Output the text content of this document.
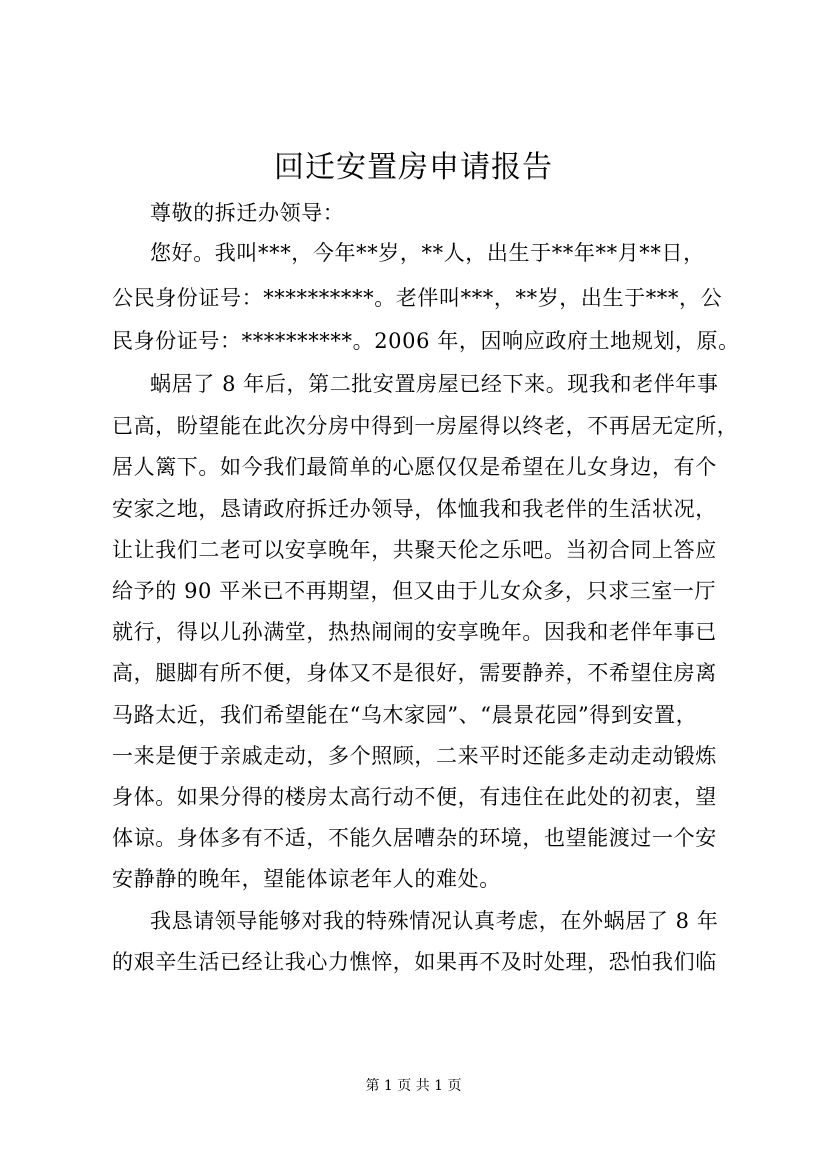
回迁安置房申请报告
尊敬的拆迁办领导：
您好。我叫***，今年**岁，**人，出生于**年**月**日，
公民身份证号：**********。老伴叫***，**岁，出生于***，公
民身份证号：**********。2006 年，因响应政府土地规划，原。
蜗居了 8 年后，第二批安置房屋已经下来。现我和老伴年事
已高，盼望能在此次分房中得到一房屋得以终老，不再居无定所，
居人篱下。如今我们最简单的心愿仅仅是希望在儿女身边，有个
安家之地，恳请政府拆迁办领导，体恤我和我老伴的生活状况，
让让我们二老可以安享晚年，共聚天伦之乐吧。当初合同上答应
给予的 90 平米已不再期望，但又由于儿女众多，只求三室一厅
就行，得以儿孙满堂，热热闹闹的安享晚年。因我和老伴年事已
高，腿脚有所不便，身体又不是很好，需要静养，不希望住房离
马路太近，我们希望能在“乌木家园”、“晨景花园”得到安置，
一来是便于亲戚走动，多个照顾，二来平时还能多走动走动锻炼
身体。如果分得的楼房太高行动不便，有违住在此处的初衷，望
体谅。身体多有不适，不能久居嘈杂的环境，也望能渡过一个安
安静静的晚年，望能体谅老年人的难处。
我恳请领导能够对我的特殊情况认真考虑，在外蜗居了 8 年
的艰辛生活已经让我心力憔悴，如果再不及时处理，恐怕我们临
第 1 页 共 1 页
